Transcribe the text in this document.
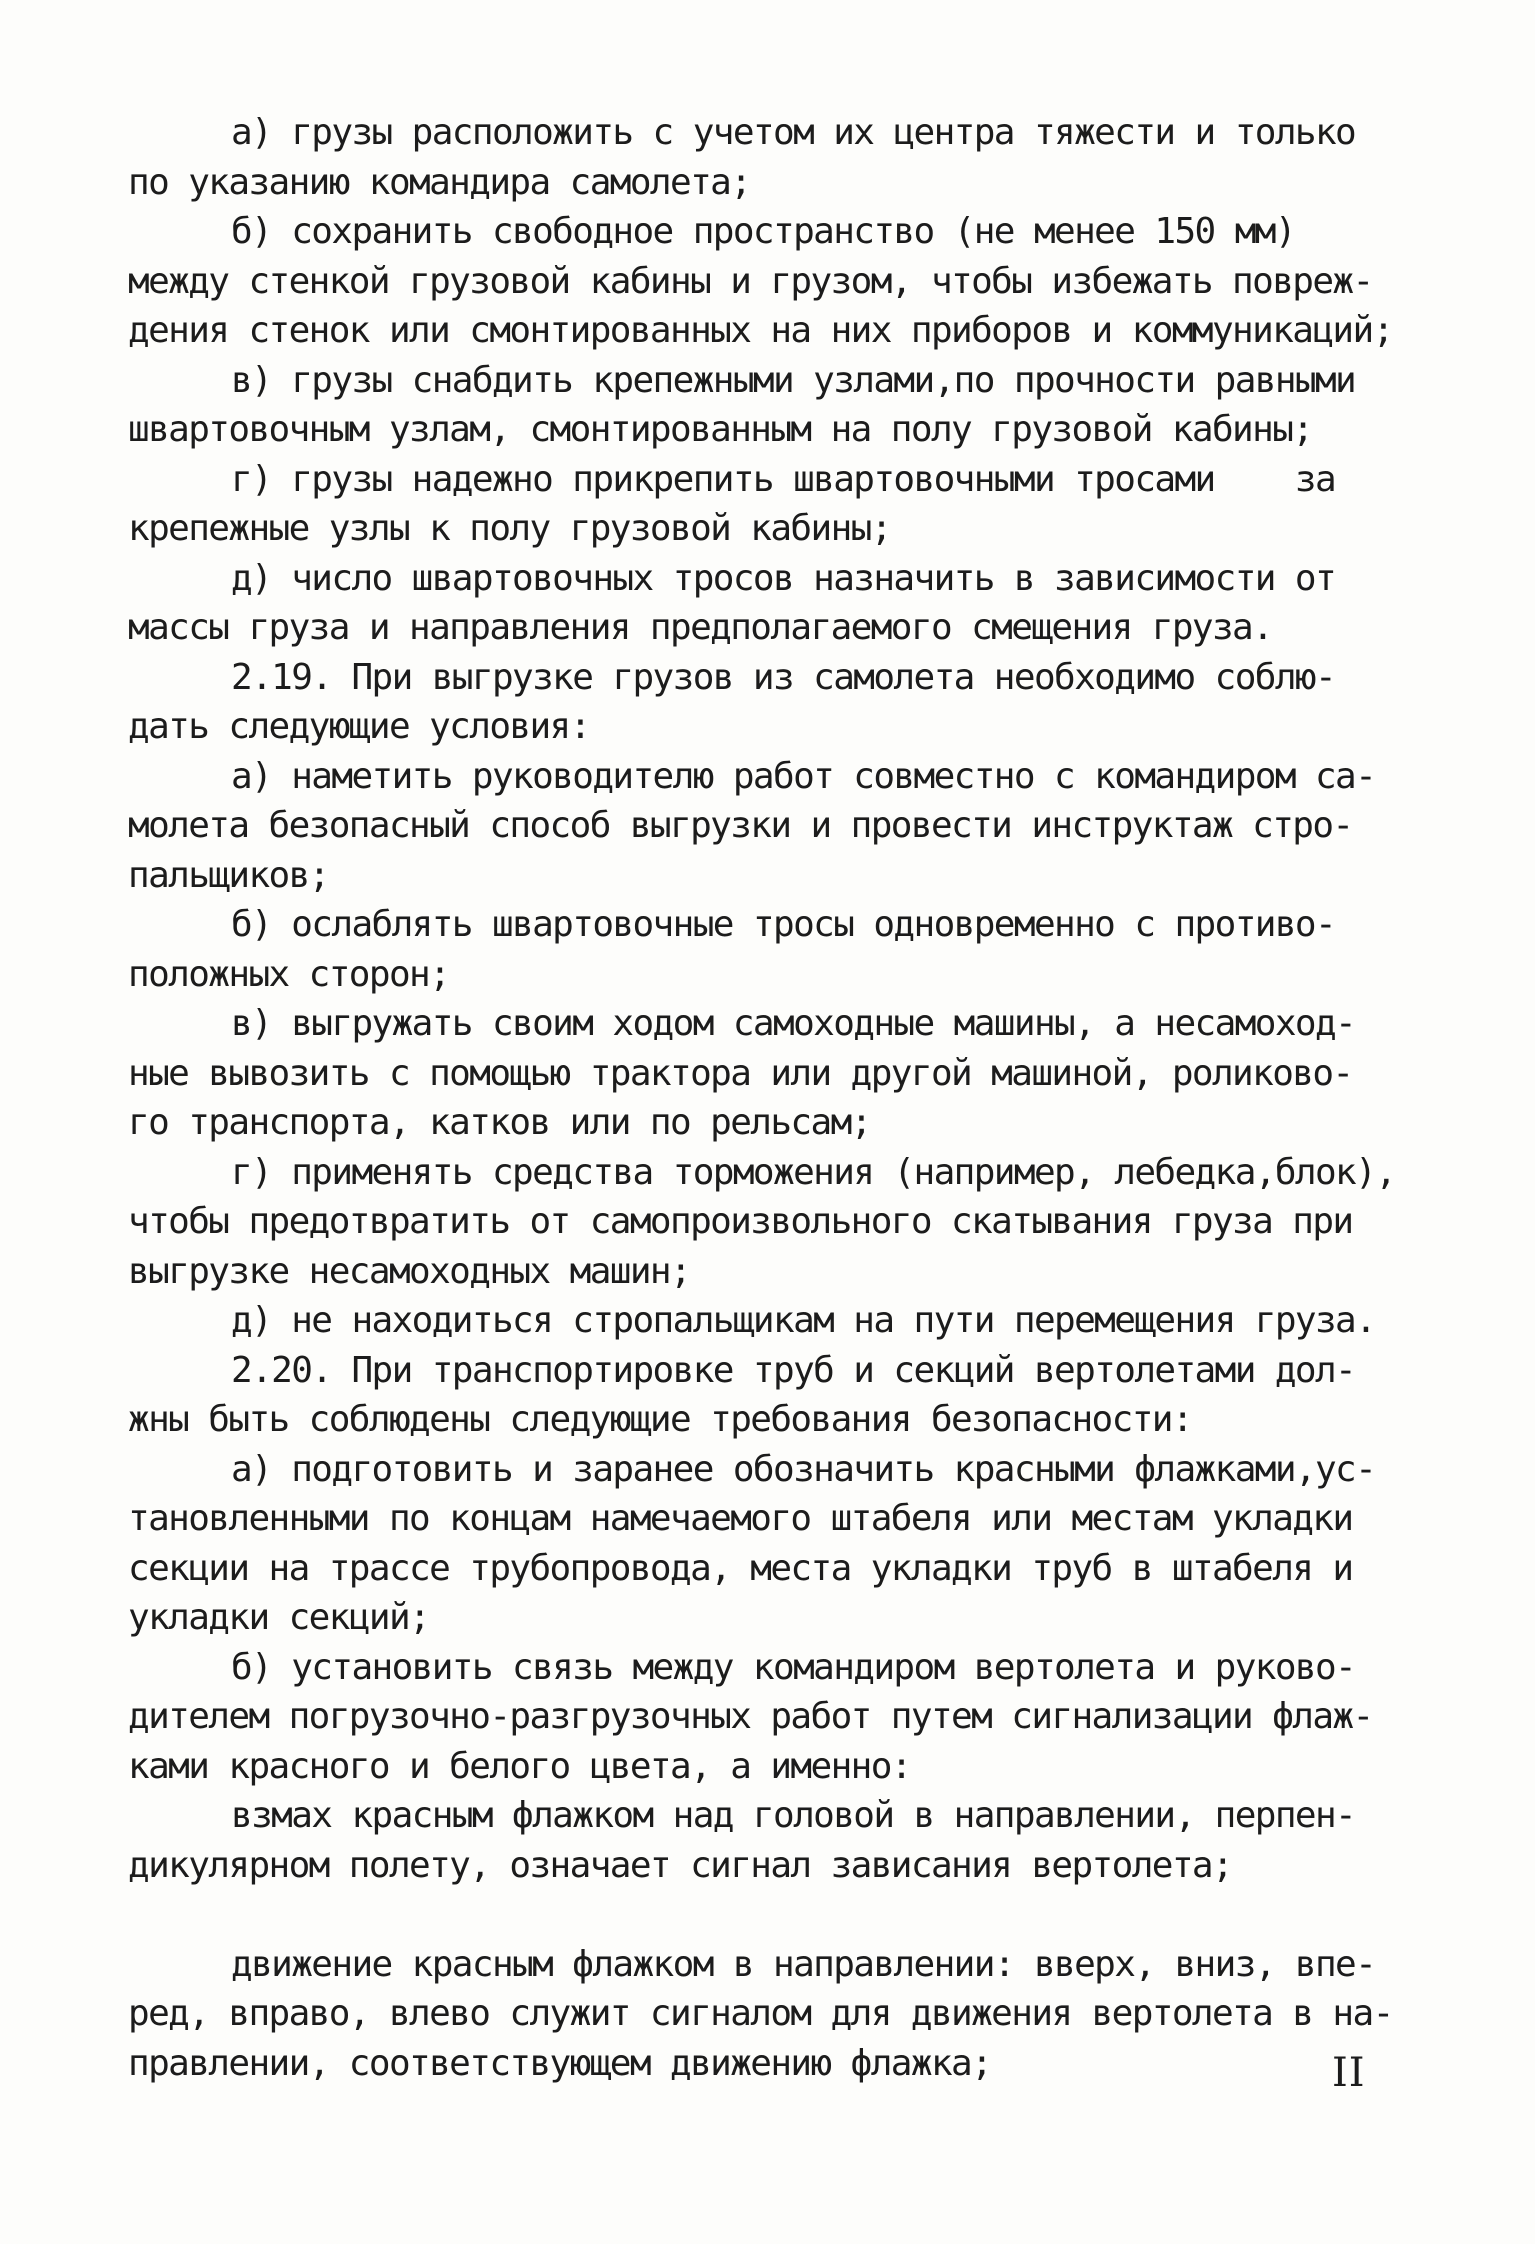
а) грузы расположить с учетом их центра тяжести и только
по указанию командира самолета;
б) сохранить свободное пространство (не менее 150 мм)
между стенкой грузовой кабины и грузом, чтобы избежать повреж-
дения стенок или смонтированных на них приборов и коммуникаций;
в) грузы снабдить крепежными узлами,по прочности равными
швартовочным узлам, смонтированным на полу грузовой кабины;
г) грузы надежно прикрепить швартовочными тросами    за
крепежные узлы к полу грузовой кабины;
д) число швартовочных тросов назначить в зависимости от
массы груза и направления предполагаемого смещения груза.
2.19. При выгрузке грузов из самолета необходимо соблю-
дать следующие условия:
а) наметить руководителю работ совместно с командиром са-
молета безопасный способ выгрузки и провести инструктаж стро-
пальщиков;
б) ослаблять швартовочные тросы одновременно с противо-
положных сторон;
в) выгружать своим ходом самоходные машины, а несамоход-
ные вывозить с помощью трактора или другой машиной, роликово-
го транспорта, катков или по рельсам;
г) применять средства торможения (например, лебедка,блок),
чтобы предотвратить от самопроизвольного скатывания груза при
выгрузке несамоходных машин;
д) не находиться стропальщикам на пути перемещения груза.
2.20. При транспортировке труб и секций вертолетами дол-
жны быть соблюдены следующие требования безопасности:
а) подготовить и заранее обозначить красными флажками,ус-
тановленными по концам намечаемого штабеля или местам укладки
секции на трассе трубопровода, места укладки труб в штабеля и
укладки секций;
б) установить связь между командиром вертолета и руково-
дителем погрузочно-разгрузочных работ путем сигнализации флаж-
ками красного и белого цвета, а именно:
взмах красным флажком над головой в направлении, перпен-
дикулярном полету, означает сигнал зависания вертолета;
движение красным флажком в направлении: вверх, вниз, впе-
ред, вправо, влево служит сигналом для движения вертолета в на-
правлении, соответствующем движению флажка;	II
